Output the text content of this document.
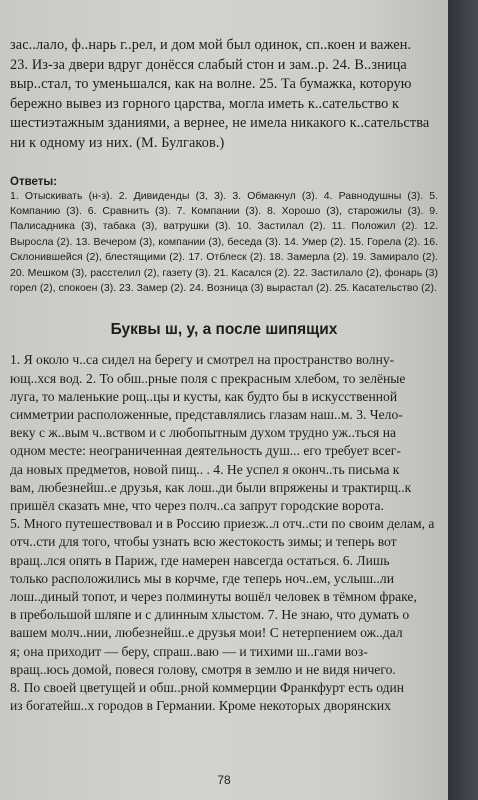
зас..лало, ф..нарь г..рел, и дом мой был одинок, сп..коен и важен.
23. Из-за двери вдруг донёсся слабый стон и зам..р. 24. В..зница
выр..стал, то уменьшался, как на волне. 25. Та бумажка, которую
бережно вывез из горного царства, могла иметь к..сательство к
шестиэтажным зданиями, а вернее, не имела никакого к..сательства
ни к одному из них. (М. Булгаков.)
Ответы:
1. Отыскивать (н-з). 2. Дивиденды (3, 3). 3. Обмакнул (3). 4. Равнодушны (3). 5. Компанию (3). 6. Сравнить (3). 7. Компании (3). 8. Хорошо (3), старожилы (3). 9. Палисадника (3), табака (3), ватрушки (3). 10. Застилал (2). 11. Положил (2). 12. Выросла (2). 13. Вечером (3), компании (3), беседа (3). 14. Умер (2). 15. Горела (2). 16. Склонившейся (2), блестящими (2). 17. Отблеск (2). 18. Замерла (2). 19. Замирало (2). 20. Мешком (3), расстелил (2), газету (3). 21. Касался (2). 22. Застилало (2), фонарь (3) горел (2), спокоен (3). 23. Замер (2). 24. Возница (3) вырастал (2). 25. Касательство (2).
Буквы ш, у, а после шипящих
1. Я около ч..са сидел на берегу и смотрел на пространство волну-
ющ..хся вод. 2. То обш..рные поля с прекрасным хлебом, то зелёные
луга, то маленькие рощ..цы и кусты, как будто бы в искусственной
симметрии расположенные, представлялись глазам наш..м. 3. Чело-
веку с ж..вым ч..вством и с любопытным духом трудно уж..ться на
одном месте: неограниченная деятельность душ... его требует всег-
да новых предметов, новой пищ.. . 4. Не успел я оконч..ть письма к
вам, любезнейш..е друзья, как лош..ди были впряжены и трактирщ..к
пришёл сказать мне, что через полч..са запрут городские ворота.
5. Много путешествовал и в Россию приезж..л отч..сти по своим делам, а
отч..сти для того, чтобы узнать всю жестокость зимы; и теперь вот
вращ..лся опять в Париж, где намерен навсегда остаться. 6. Лишь
только расположились мы в корчме, где теперь ноч..ем, услыш..ли
лош..диный топот, и через полминуты вошёл человек в тёмном фраке,
в пребольшой шляпе и с длинным хлыстом. 7. Не знаю, что думать о
вашем молч..нии, любезнейш..е друзья мои! С нетерпением ож..дал
я; она приходит — беру, спраш..ваю — и тихими ш..гами воз-
вращ..юсь домой, повеся голову, смотря в землю и не видя ничего.
8. По своей цветущей и обш..рной коммерции Франкфурт есть один
из богатейш..х городов в Германии. Кроме некоторых дворянских
78
